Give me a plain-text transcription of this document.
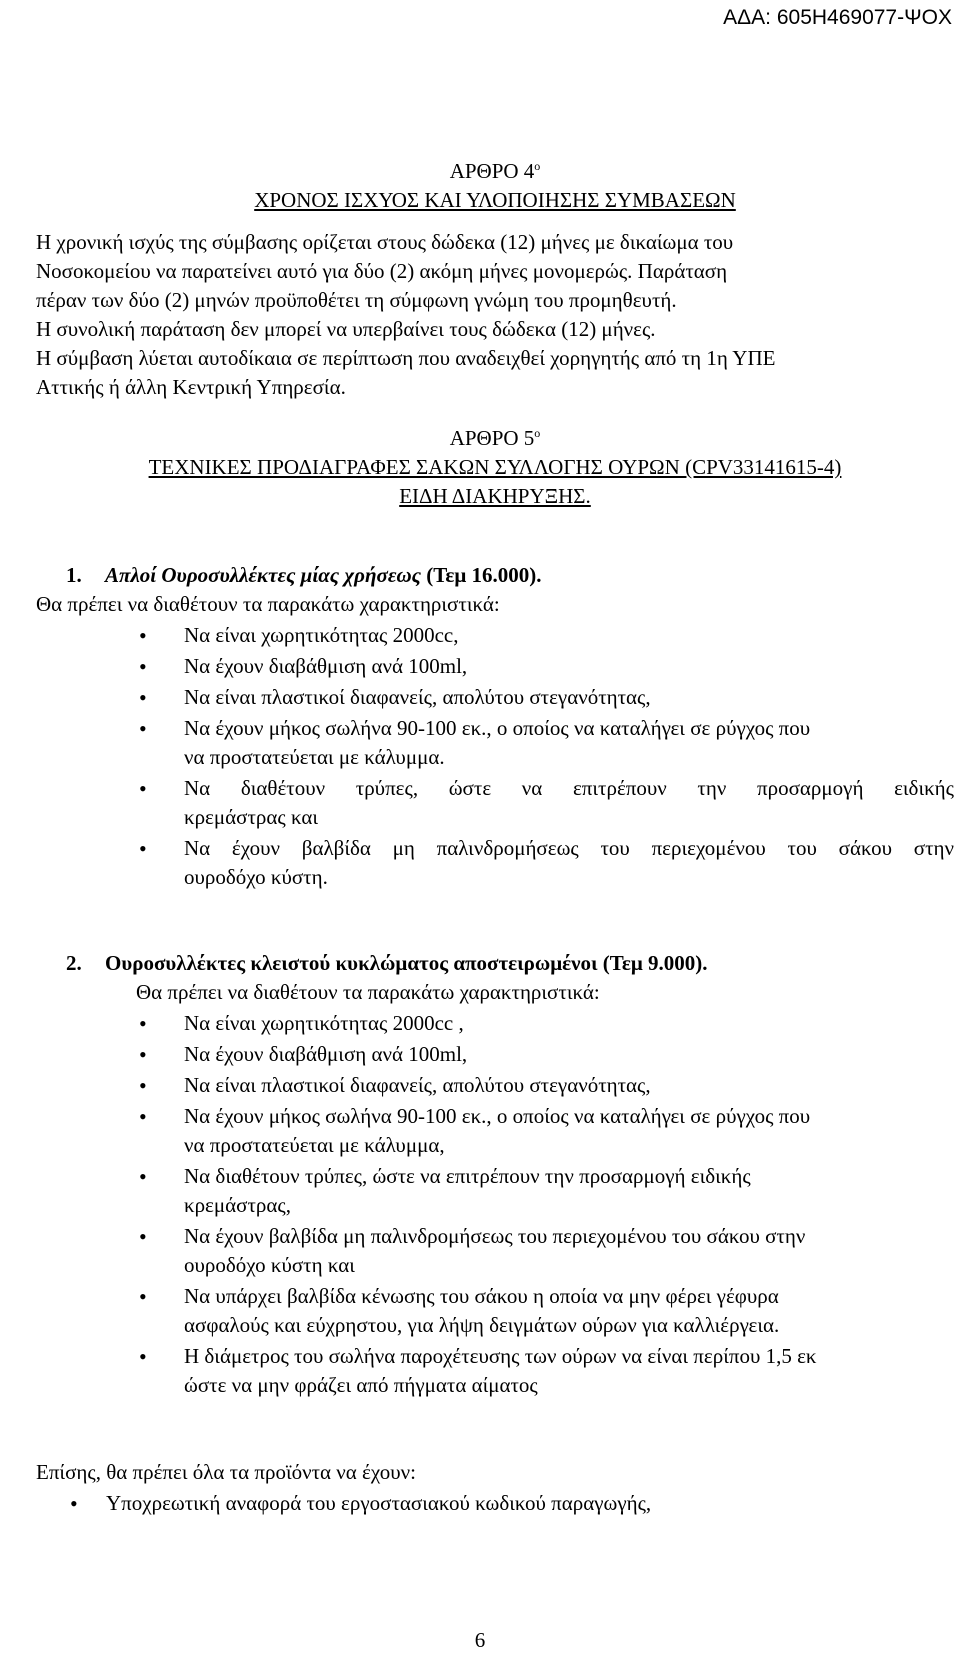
ΑΔΑ: 605Η469077-ΨΟΧ
ΑΡΘΡΟ $4^o$
ΧΡΟΝΟΣ ΙΣΧΥΟΣ ΚΑΙ ΥΛΟΠΟΙΗΣΗΣ ΣΥΜΒΑΣΕΩΝ

Η χρονική ισχύς της σύμβασης ορίζεται στους δώδεκα (12) μήνες με δικαίωμα του

Νοσοκομείου να παρατείνει αυτό για δύο (2) ακόμη μήνες μονομερώς. Παράταση

πέραν των δύο (2) μηνών προϋποθέτει τη σύμφωνη γνώμη του προμηθευτή.

Η συνολική παράταση δεν μπορεί να υπερβαίνει τους δώδεκα (12) μήνες.

Η σύμβαση λύεται αυτοδίκαια σε περίπτωση που αναδειχθεί χορηγητής από τη 1η ΥΠΕ

Αττικής ή άλλη Κεντρική Υπηρεσία.

ΑΡΘΡΟ $5^o$
ΤΕΧΝΙΚΕΣ ΠΡΟΔΙΑΓΡΑΦΕΣ ΣΑΚΩΝ ΣΥΛΛΟΓΗΣ ΟΥΡΩΝ (CPV33141615-4)
ΕΙΔΗ ΔΙΑΚΗΡΥΞΗΣ.
1. Απλοί Ουροσυλλέκτες μίας χρήσεως (Τεμ 16.000).
Θα πρέπει να διαθέτουν τα παρακάτω χαρακτηριστικά:
• Να είναι χωρητικότητας 2000cc,
• Να έχουν διαβάθμιση ανά 100ml,
• Να είναι πλαστικοί διαφανείς, απολύτου στεγανότητας,
• Να έχουν μήκος σωλήνα 90-100 εκ., ο οποίος να καταλήγει σε ρύγχος που
να προστατεύεται με κάλυμμα.
• Να διαθέτουν τρύπες, ώστε να επιτρέπουν την προσαρμογή ειδικής
κρεμάστρας και
• Να έχουν βαλβίδα μη παλινδρομήσεως του περιεχομένου του σάκου στην
ουροδόχο κύστη.
2. Ουροσυλλέκτες κλειστού κυκλώματος αποστειρωμένοι (Τεμ 9.000).
Θα πρέπει να διαθέτουν τα παρακάτω χαρακτηριστικά:
• Να είναι χωρητικότητας 2000cc ,
• Να έχουν διαβάθμιση ανά 100ml,
• Να είναι πλαστικοί διαφανείς, απολύτου στεγανότητας,
• Να έχουν μήκος σωλήνα 90-100 εκ., ο οποίος να καταλήγει σε ρύγχος που
να προστατεύεται με κάλυμμα,
• Να διαθέτουν τρύπες, ώστε να επιτρέπουν την προσαρμογή ειδικής
κρεμάστρας,
• Να έχουν βαλβίδα μη παλινδρομήσεως του περιεχομένου του σάκου στην
ουροδόχο κύστη και
• Να υπάρχει βαλβίδα κένωσης του σάκου η οποία να μην φέρει γέφυρα
ασφαλούς και εύχρηστου, για λήψη δειγμάτων ούρων για καλλιέργεια.
• Η διάμετρος του σωλήνα παροχέτευσης των ούρων να είναι περίπου 1,5 εκ
ώστε να μην φράζει από πήγματα αίματος
Επίσης, θα πρέπει όλα τα προϊόντα να έχουν:
• Υποχρεωτική αναφορά του εργοστασιακού κωδικού παραγωγής,
6
